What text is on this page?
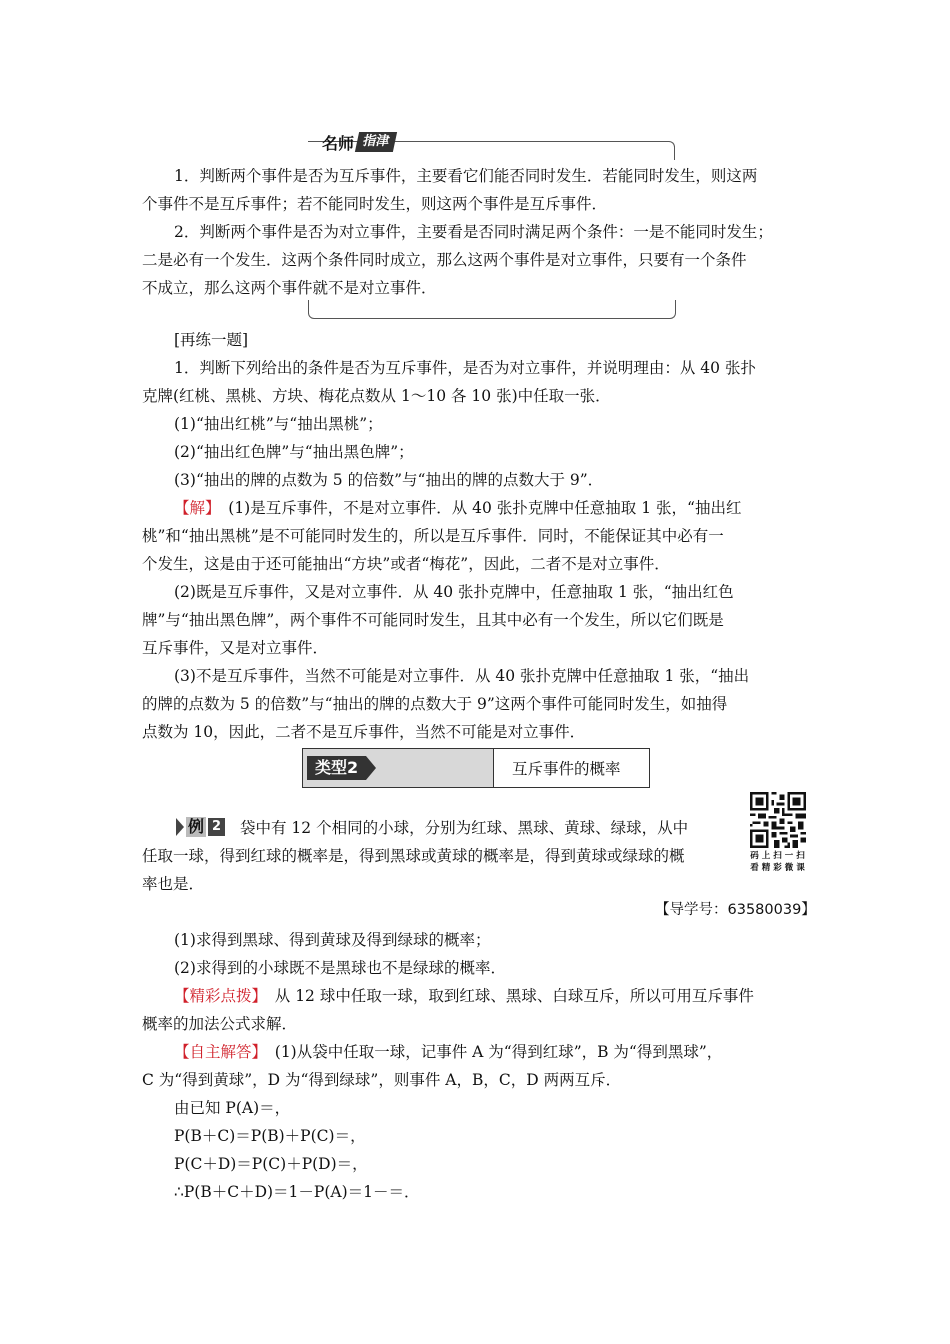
名师 指津
1．判断两个事件是否为互斥事件，主要看它们能否同时发生．若能同时发生，则这两
个事件不是互斥事件；若不能同时发生，则这两个事件是互斥事件．
2．判断两个事件是否为对立事件，主要看是否同时满足两个条件：一是不能同时发生；
二是必有一个发生．这两个条件同时成立，那么这两个事件是对立事件，只要有一个条件
不成立，那么这两个事件就不是对立事件．
[再练一题]
1．判断下列给出的条件是否为互斥事件，是否为对立事件，并说明理由：从 40 张扑
克牌(红桃、黑桃、方块、梅花点数从 1～10 各 10 张)中任取一张．
(1)“抽出红桃”与“抽出黑桃”；
(2)“抽出红色牌”与“抽出黑色牌”；
(3)“抽出的牌的点数为 5 的倍数”与“抽出的牌的点数大于 9”．
【解】　(1)是互斥事件，不是对立事件．从 40 张扑克牌中任意抽取 1 张，“抽出红
桃”和“抽出黑桃”是不可能同时发生的，所以是互斥事件．同时，不能保证其中必有一
个发生，这是由于还可能抽出“方块”或者“梅花”，因此，二者不是对立事件．
(2)既是互斥事件，又是对立事件．从 40 张扑克牌中，任意抽取 1 张，“抽出红色
牌”与“抽出黑色牌”，两个事件不可能同时发生，且其中必有一个发生，所以它们既是
互斥事件，又是对立事件．
(3)不是互斥事件，当然不可能是对立事件．从 40 张扑克牌中任意抽取 1 张，“抽出
的牌的点数为 5 的倍数”与“抽出的牌的点数大于 9”这两个事件可能同时发生，如抽得
点数为 10，因此，二者不是互斥事件，当然不可能是对立事件．
类型2	互斥事件的概率
例 2 袋中有 12 个相同的小球，分别为红球、黑球、黄球、绿球，从中
任取一球，得到红球的概率是，得到黑球或黄球的概率是，得到黄球或绿球的概
率也是．
码上扫一扫
看精彩微课
【导学号：63580039】
(1)求得到黑球、得到黄球及得到绿球的概率；
(2)求得到的小球既不是黑球也不是绿球的概率．
【精彩点拨】　从 12 球中任取一球，取到红球、黑球、白球互斥，所以可用互斥事件
概率的加法公式求解．
【自主解答】　(1)从袋中任取一球，记事件 A 为“得到红球”，B 为“得到黑球”，
C 为“得到黄球”，D 为“得到绿球”，则事件 A，B，C，D 两两互斥．
由已知 P(A)＝，
P(B＋C)＝P(B)＋P(C)＝，
P(C＋D)＝P(C)＋P(D)＝，
∴P(B＋C＋D)＝1－P(A)＝1－＝．
